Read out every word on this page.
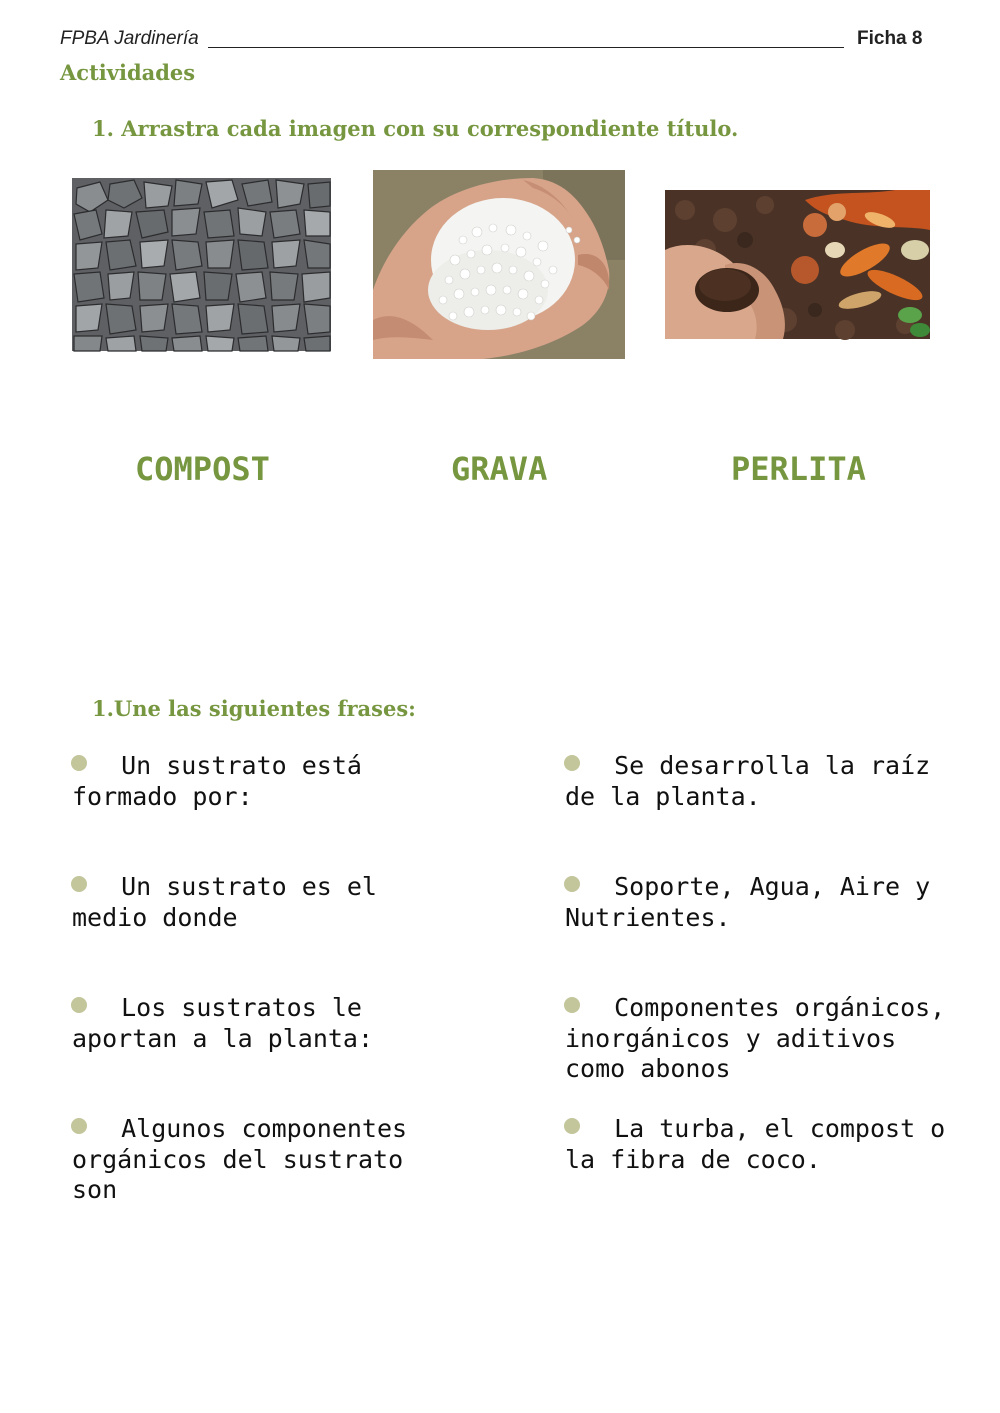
FPBA Jardinería	Ficha 8
Actividades
1. Arrastra cada imagen con su correspondiente título.
COMPOST	GRAVA	PERLITA
1.Une las siguientes frases:
Un sustrato está formado por:
Un sustrato es el medio donde
Los sustratos le aportan a la planta:
Algunos componentes orgánicos del sustrato son
Se desarrolla la raíz de la planta.
Soporte, Agua, Aire y Nutrientes.
Componentes orgánicos, inorgánicos y aditivos como abonos
La turba, el compost o la fibra de coco.
